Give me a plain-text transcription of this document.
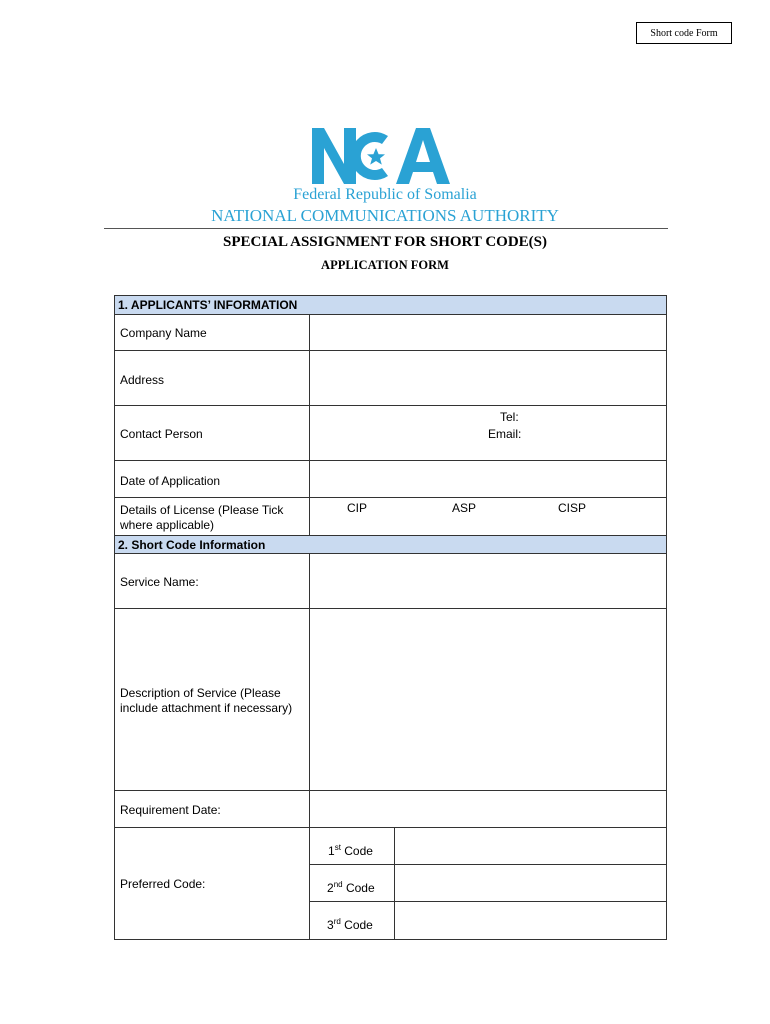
Short code Form
Federal Republic of Somalia
NATIONAL COMMUNICATIONS AUTHORITY
SPECIAL ASSIGNMENT FOR SHORT CODE(S)
APPLICATION FORM
1. APPLICANTS’ INFORMATION
2. Short Code Information
Company Name
Address
Contact Person
Tel:
Email:
Date of Application
Details of License (Please Tick
where applicable)
CIP	ASP	CISP
Service Name:
Description of Service (Please
include attachment if necessary)
Requirement Date:
Preferred Code:
1st Code
2nd Code
3rd Code
